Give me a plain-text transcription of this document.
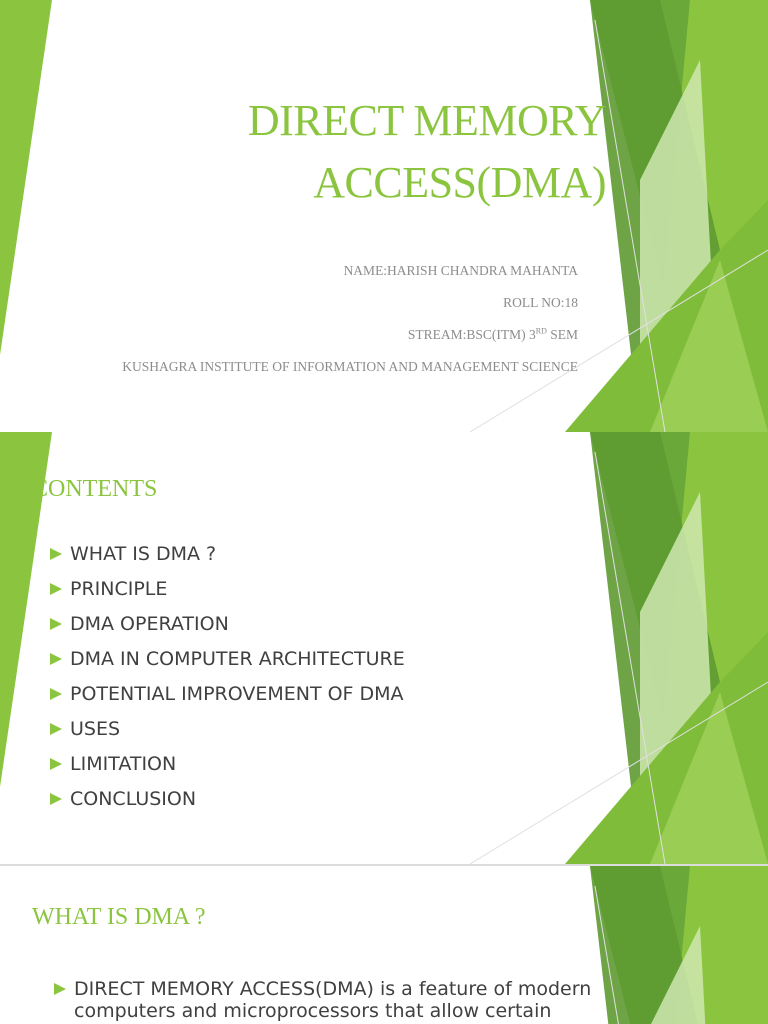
DIRECT MEMORY
ACCESS(DMA)
NAME:HARISH CHANDRA MAHANTA
ROLL NO:18
STREAM:BSC(ITM) 3RD SEM
KUSHAGRA INSTITUTE OF INFORMATION AND MANAGEMENT SCIENCE
CONTENTS
WHAT IS DMA ?
PRINCIPLE
DMA OPERATION
DMA IN COMPUTER ARCHITECTURE
POTENTIAL IMPROVEMENT OF DMA
USES
LIMITATION
CONCLUSION
WHAT IS DMA ?
DIRECT MEMORY ACCESS(DMA) is a feature of modern computers and microprocessors that allow certain
